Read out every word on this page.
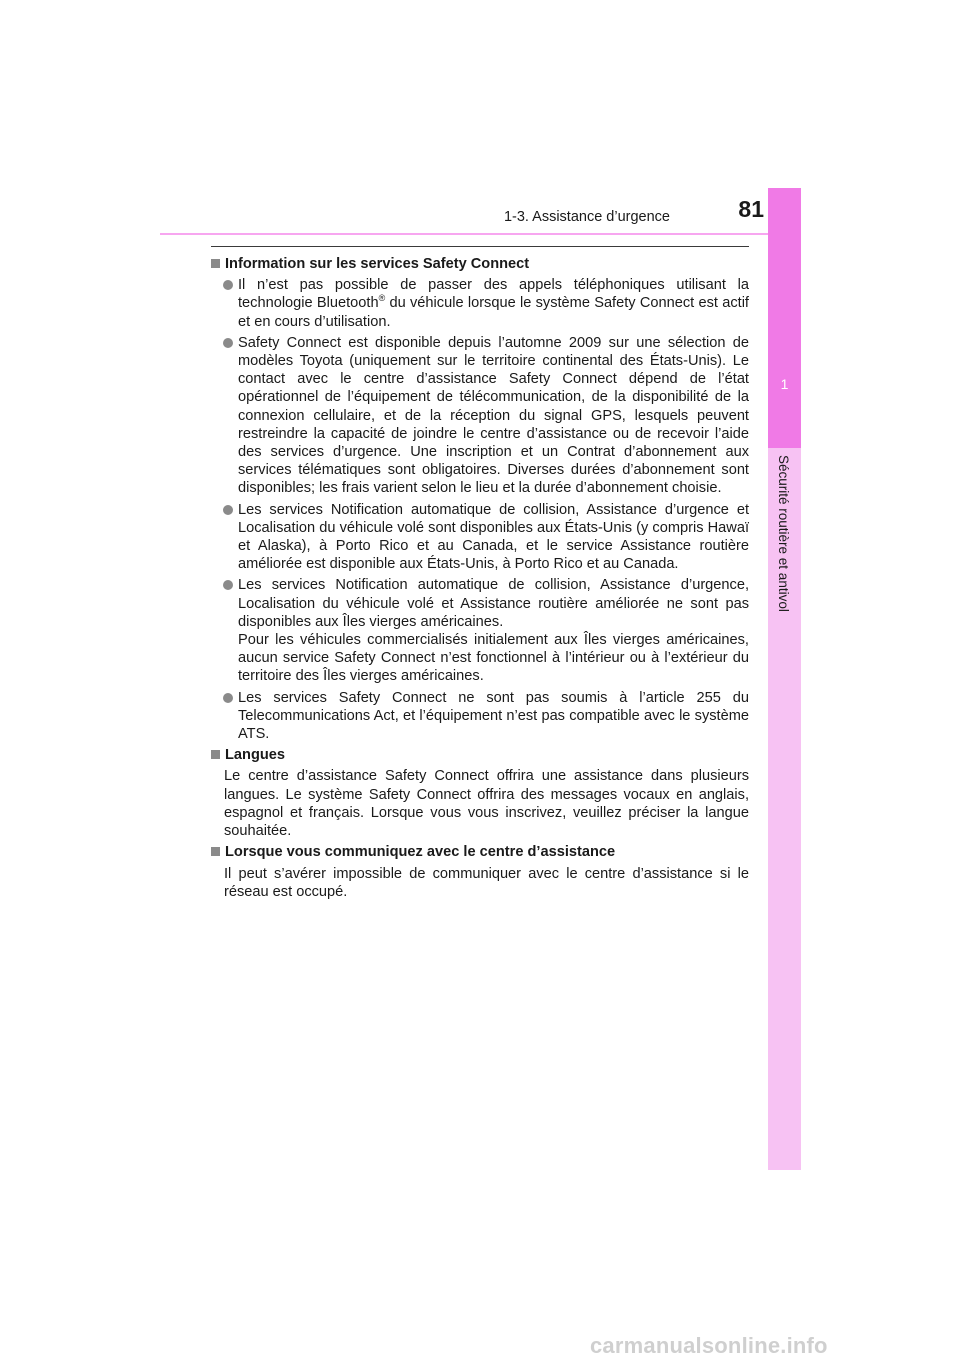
1-3. Assistance d’urgence	81
1
Sécurité routière et antivol
Information sur les services Safety Connect
Il n’est pas possible de passer des appels téléphoniques utilisant la technologie Bluetooth® du véhicule lorsque le système Safety Connect est actif et en cours d’utilisation.
Safety Connect est disponible depuis l’automne 2009 sur une sélection de modèles Toyota (uniquement sur le territoire continental des États-Unis). Le contact avec le centre d’assistance Safety Connect dépend de l’état opérationnel de l’équipement de télécommunication, de la disponibilité de la connexion cellulaire, et de la réception du signal GPS, lesquels peuvent restreindre la capacité de joindre le centre d’assistance ou de recevoir l’aide des services d’urgence. Une inscription et un Contrat d’abonnement aux services télématiques sont obligatoires. Diverses durées d’abonnement sont disponibles; les frais varient selon le lieu et la durée d’abonnement choisie.
Les services Notification automatique de collision, Assistance d’urgence et Localisation du véhicule volé sont disponibles aux États-Unis (y compris Hawaï et Alaska), à Porto Rico et au Canada, et le service Assistance routière améliorée est disponible aux États-Unis, à Porto Rico et au Canada.
Les services Notification automatique de collision, Assistance d’urgence, Localisation du véhicule volé et Assistance routière améliorée ne sont pas disponibles aux Îles vierges américaines.
Pour les véhicules commercialisés initialement aux Îles vierges américaines, aucun service Safety Connect n’est fonctionnel à l’intérieur ou à l’extérieur du territoire des Îles vierges américaines.
Les services Safety Connect ne sont pas soumis à l’article 255 du Telecommunications Act, et l’équipement n’est pas compatible avec le système ATS.
Langues
Le centre d’assistance Safety Connect offrira une assistance dans plusieurs langues. Le système Safety Connect offrira des messages vocaux en anglais, espagnol et français. Lorsque vous vous inscrivez, veuillez préciser la langue souhaitée.
Lorsque vous communiquez avec le centre d’assistance
Il peut s’avérer impossible de communiquer avec le centre d’assistance si le réseau est occupé.
carmanualsonline.info
